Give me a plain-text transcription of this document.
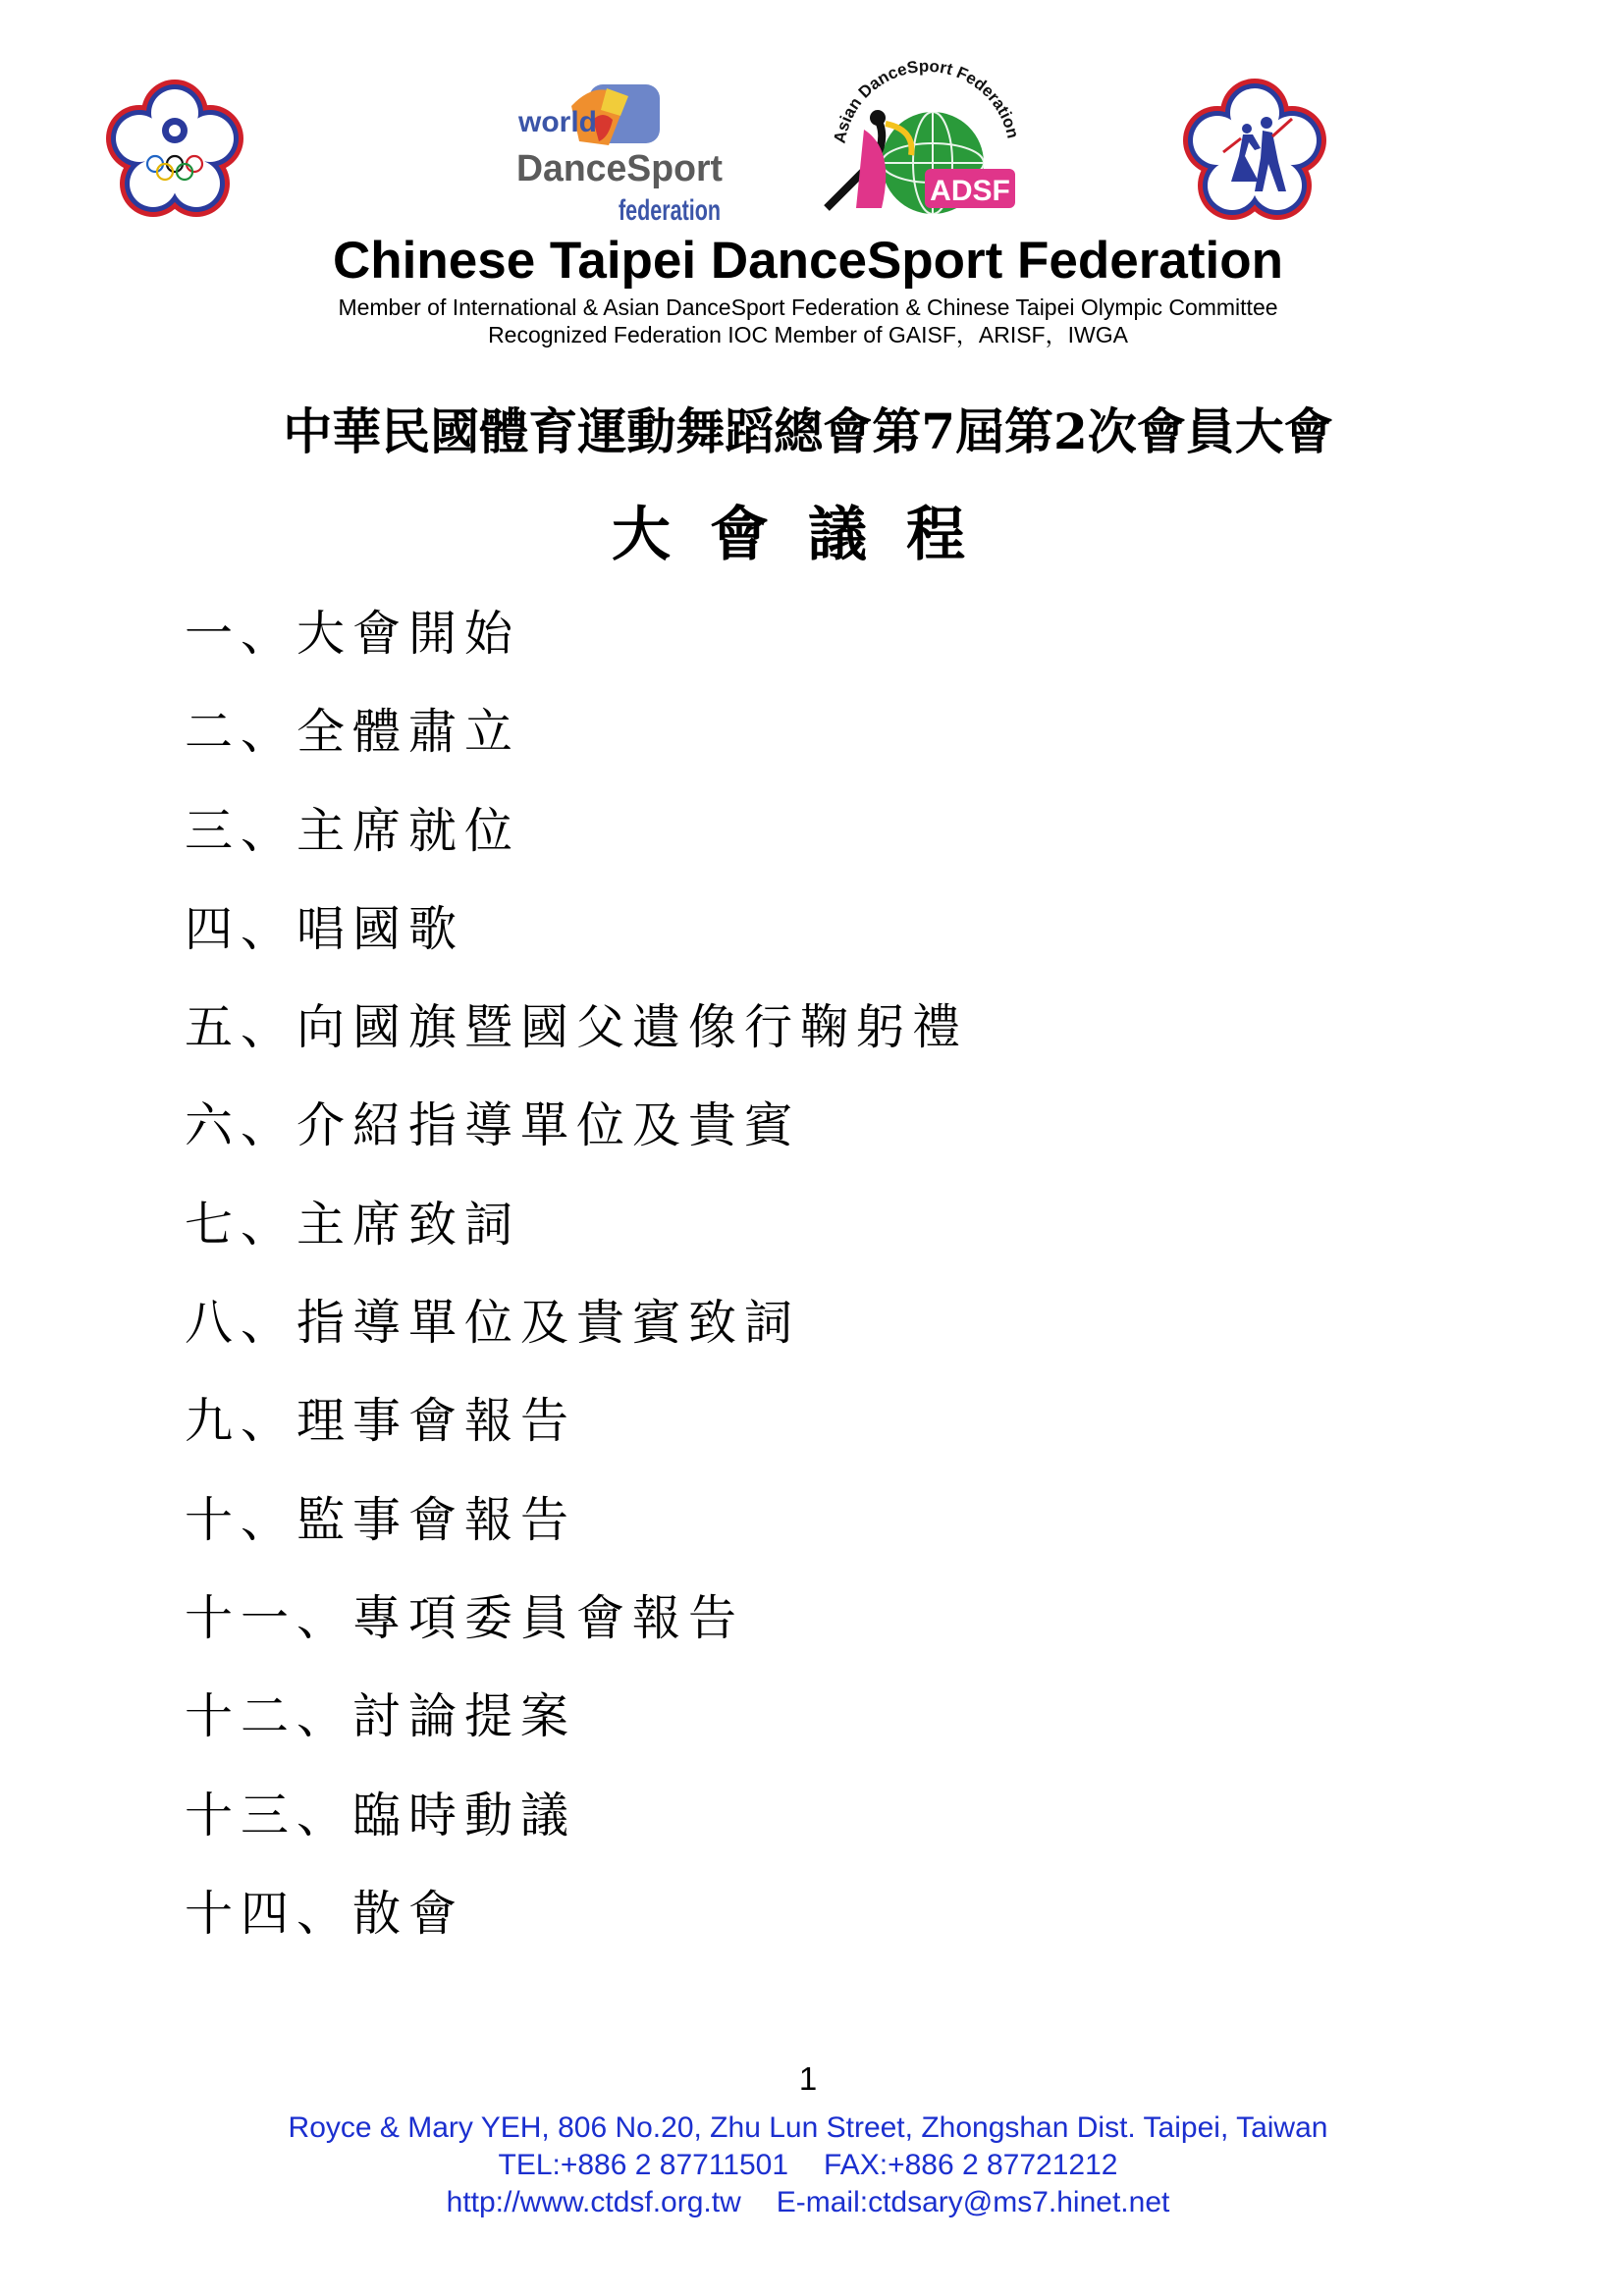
world
DanceSport
federation
Asian DanceSport Federation
ADSF
Chinese Taipei DanceSport Federation
Member of International & Asian DanceSport Federation & Chinese Taipei Olympic Committee
Recognized Federation IOC Member of GAISF，ARISF，IWGA
中華民國體育運動舞蹈總會第7屆第2次會員大會
大會議程
一、大會開始
二、全體肅立
三、主席就位
四、唱國歌
五、向國旗暨國父遺像行鞠躬禮
六、介紹指導單位及貴賓
七、主席致詞
八、指導單位及貴賓致詞
九、理事會報告
十、監事會報告
十一、專項委員會報告
十二、討論提案
十三、臨時動議
十四、散會
1
Royce & Mary YEH, 806 No.20, Zhu Lun Street, Zhongshan Dist. Taipei, Taiwan
TEL:+886 2 87711501 FAX:+886 2 87721212
http://www.ctdsf.org.tw E-mail:ctdsary@ms7.hinet.net
